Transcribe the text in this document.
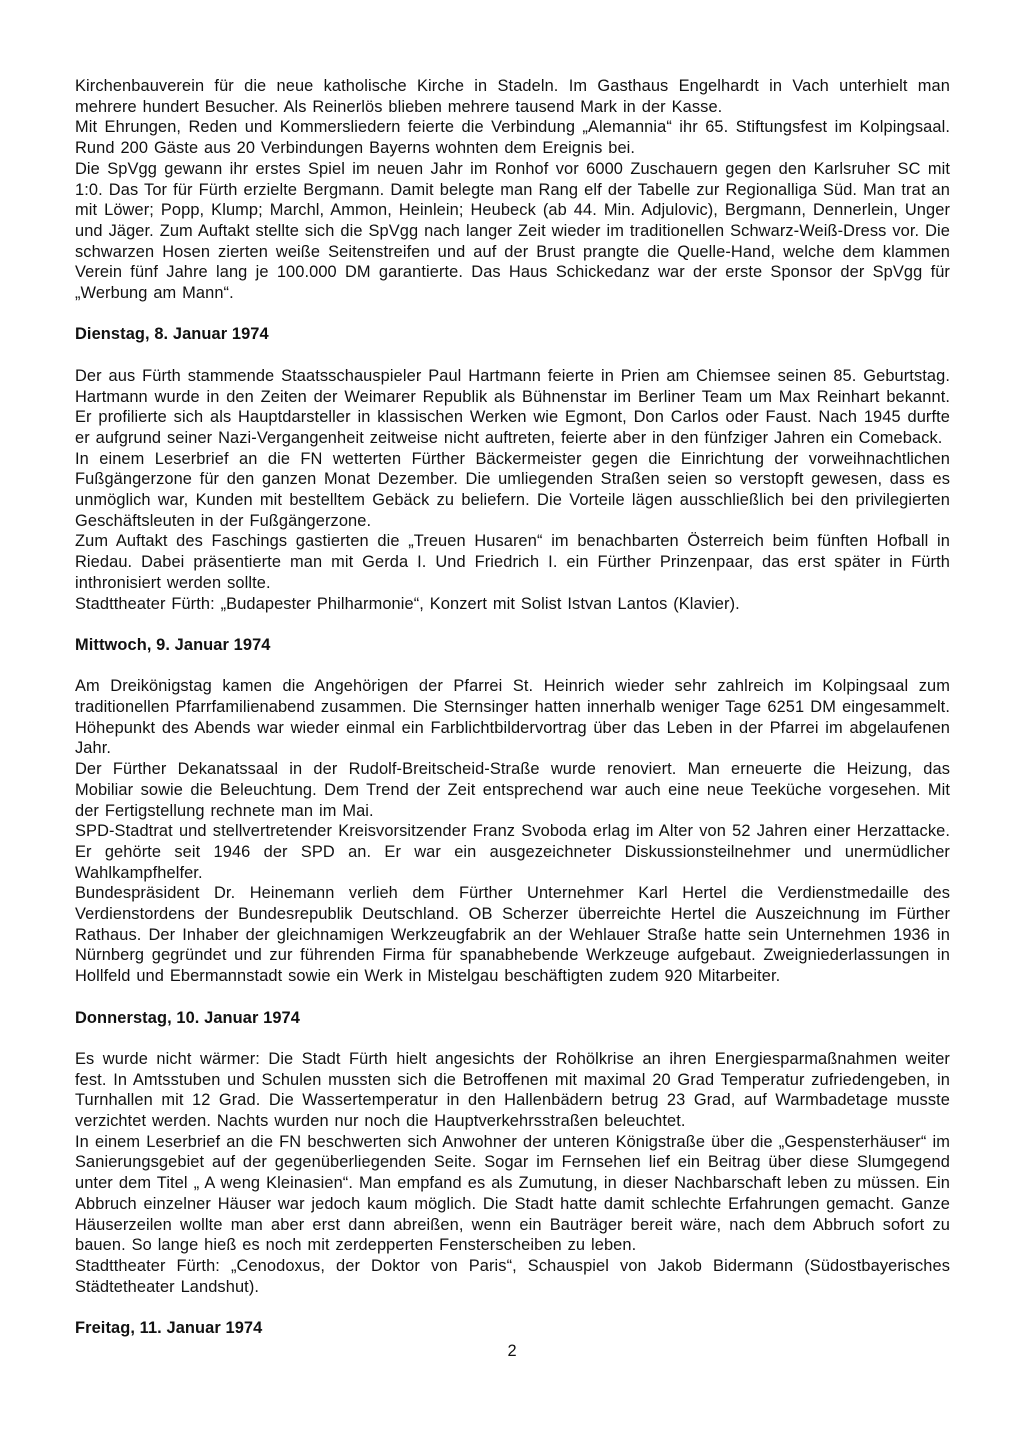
Kirchenbauverein für die neue katholische Kirche in Stadeln. Im Gasthaus Engelhardt in Vach unterhielt man mehrere hundert Besucher. Als Reinerlös blieben mehrere tausend Mark in der Kasse.

Mit Ehrungen, Reden und Kommersliedern feierte die Verbindung „Alemannia“ ihr 65. Stiftungsfest im Kolpingsaal. Rund 200 Gäste aus 20 Verbindungen Bayerns wohnten dem Ereignis bei.

Die SpVgg gewann ihr erstes Spiel im neuen Jahr im Ronhof vor 6000 Zuschauern gegen den Karlsruher SC mit 1:0. Das Tor für Fürth erzielte Bergmann. Damit belegte man Rang elf der Tabelle zur Regionalliga Süd. Man trat an mit Löwer; Popp, Klump; Marchl, Ammon, Heinlein; Heubeck (ab 44. Min. Adjulovic), Bergmann, Dennerlein, Unger und Jäger. Zum Auftakt stellte sich die SpVgg nach langer Zeit wieder im traditionellen Schwarz-Weiß-Dress vor. Die schwarzen Hosen zierten weiße Seitenstreifen und auf der Brust prangte die Quelle-Hand, welche dem klammen Verein fünf Jahre lang je 100.000 DM garantierte. Das Haus Schickedanz war der erste Sponsor der SpVgg für „Werbung am Mann“.

Dienstag, 8. Januar 1974

Der aus Fürth stammende Staatsschauspieler Paul Hartmann feierte in Prien am Chiemsee seinen 85. Geburtstag. Hartmann wurde in den Zeiten der Weimarer Republik als Bühnenstar im Berliner Team um Max Reinhart bekannt. Er profilierte sich als Hauptdarsteller in klassischen Werken wie Egmont, Don Carlos oder Faust. Nach 1945 durfte er aufgrund seiner Nazi-Vergangenheit zeitweise nicht auftreten, feierte aber in den fünfziger Jahren ein Comeback.

In einem Leserbrief an die FN wetterten Fürther Bäckermeister gegen die Einrichtung der vorweihnachtlichen Fußgängerzone für den ganzen Monat Dezember. Die umliegenden Straßen seien so verstopft gewesen, dass es unmöglich war, Kunden mit bestelltem Gebäck zu beliefern. Die Vorteile lägen ausschließlich bei den privilegierten Geschäftsleuten in der Fußgängerzone.

Zum Auftakt des Faschings gastierten die „Treuen Husaren“ im benachbarten Österreich beim fünften Hofball in Riedau. Dabei präsentierte man mit Gerda I. Und Friedrich I. ein Fürther Prinzenpaar, das erst später in Fürth inthronisiert werden sollte.

Stadttheater Fürth: „Budapester Philharmonie“, Konzert mit Solist Istvan Lantos (Klavier).

Mittwoch, 9. Januar 1974

Am Dreikönigstag kamen die Angehörigen der Pfarrei St. Heinrich wieder sehr zahlreich im Kolpingsaal zum traditionellen Pfarrfamilienabend zusammen. Die Sternsinger hatten innerhalb weniger Tage 6251 DM eingesammelt. Höhepunkt des Abends war wieder einmal ein Farblichtbildervortrag über das Leben in der Pfarrei im abgelaufenen Jahr.

Der Fürther Dekanatssaal in der Rudolf-Breitscheid-Straße wurde renoviert. Man erneuerte die Heizung, das Mobiliar sowie die Beleuchtung. Dem Trend der Zeit entsprechend war auch eine neue Teeküche vorgesehen. Mit der Fertigstellung rechnete man im Mai.

SPD-Stadtrat und stellvertretender Kreisvorsitzender Franz Svoboda erlag im Alter von 52 Jahren einer Herzattacke. Er gehörte seit 1946 der SPD an. Er war ein ausgezeichneter Diskussionsteilnehmer und unermüdlicher Wahlkampfhelfer.

Bundespräsident Dr. Heinemann verlieh dem Fürther Unternehmer Karl Hertel die Verdienstmedaille des Verdienstordens der Bundesrepublik Deutschland. OB Scherzer überreichte Hertel die Auszeichnung im Fürther Rathaus. Der Inhaber der gleichnamigen Werkzeugfabrik an der Wehlauer Straße hatte sein Unternehmen 1936 in Nürnberg gegründet und zur führenden Firma für spanabhebende Werkzeuge aufgebaut. Zweigniederlassungen in Hollfeld und Ebermannstadt sowie ein Werk in Mistelgau beschäftigten zudem 920 Mitarbeiter.

Donnerstag, 10. Januar 1974

Es wurde nicht wärmer: Die Stadt Fürth hielt angesichts der Rohölkrise an ihren Energiesparmaßnahmen weiter fest. In Amtsstuben und Schulen mussten sich die Betroffenen mit maximal 20 Grad Temperatur zufriedengeben, in Turnhallen mit 12 Grad. Die Wassertemperatur in den Hallenbädern betrug 23 Grad, auf Warmbadetage musste verzichtet werden. Nachts wurden nur noch die Hauptverkehrsstraßen beleuchtet.

In einem Leserbrief an die FN beschwerten sich Anwohner der unteren Königstraße über die „Gespensterhäuser“ im Sanierungsgebiet auf der gegenüberliegenden Seite. Sogar im Fernsehen lief ein Beitrag über diese Slumgegend unter dem Titel „ A weng Kleinasien“. Man empfand es als Zumutung, in dieser Nachbarschaft leben zu müssen. Ein Abbruch einzelner Häuser war jedoch kaum möglich. Die Stadt hatte damit schlechte Erfahrungen gemacht. Ganze Häuserzeilen wollte man aber erst dann abreißen, wenn ein Bauträger bereit wäre, nach dem Abbruch sofort zu bauen. So lange hieß es noch mit zerdepperten Fensterscheiben zu leben.

Stadttheater Fürth: „Cenodoxus, der Doktor von Paris“, Schauspiel von Jakob Bidermann (Südostbayerisches Städtetheater Landshut).

Freitag, 11. Januar 1974

2
